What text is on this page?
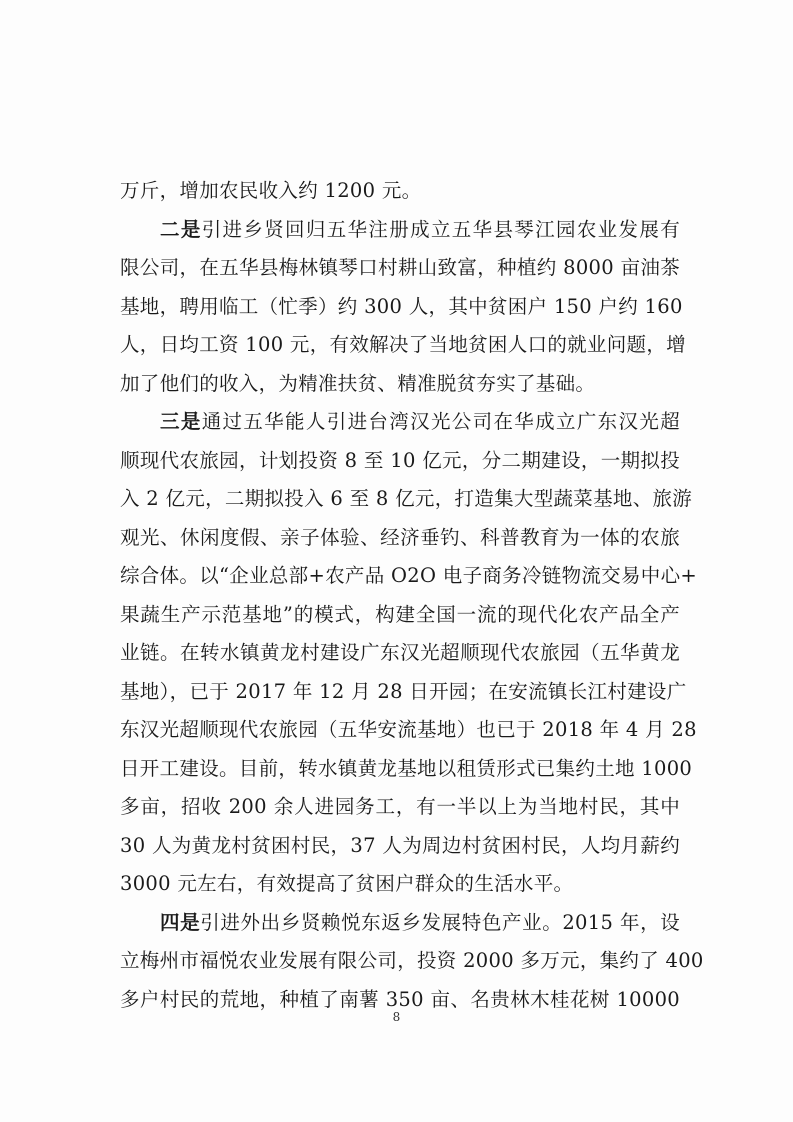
万斤，增加农民收入约 1200 元。
二是引进乡贤回归五华注册成立五华县琴江园农业发展有
限公司，在五华县梅林镇琴口村耕山致富，种植约 8000 亩油茶
基地，聘用临工（忙季）约 300 人，其中贫困户 150 户约 160
人，日均工资 100 元，有效解决了当地贫困人口的就业问题，增
加了他们的收入，为精准扶贫、精准脱贫夯实了基础。
三是通过五华能人引进台湾汉光公司在华成立广东汉光超
顺现代农旅园，计划投资 8 至 10 亿元，分二期建设，一期拟投
入 2 亿元，二期拟投入 6 至 8 亿元，打造集大型蔬菜基地、旅游
观光、休闲度假、亲子体验、经济垂钓、科普教育为一体的农旅
综合体。以“企业总部+农产品 O2O 电子商务冷链物流交易中心+
果蔬生产示范基地”的模式，构建全国一流的现代化农产品全产
业链。在转水镇黄龙村建设广东汉光超顺现代农旅园（五华黄龙
基地），已于 2017 年 12 月 28 日开园；在安流镇长江村建设广
东汉光超顺现代农旅园（五华安流基地）也已于 2018 年 4 月 28
日开工建设。目前，转水镇黄龙基地以租赁形式已集约土地 1000
多亩，招收 200 余人进园务工，有一半以上为当地村民，其中
30 人为黄龙村贫困村民，37 人为周边村贫困村民，人均月薪约
3000 元左右，有效提高了贫困户群众的生活水平。
四是引进外出乡贤赖悦东返乡发展特色产业。2015 年，设
立梅州市福悦农业发展有限公司，投资 2000 多万元，集约了 400
多户村民的荒地，种植了南薯 350 亩、名贵林木桂花树 10000
8
